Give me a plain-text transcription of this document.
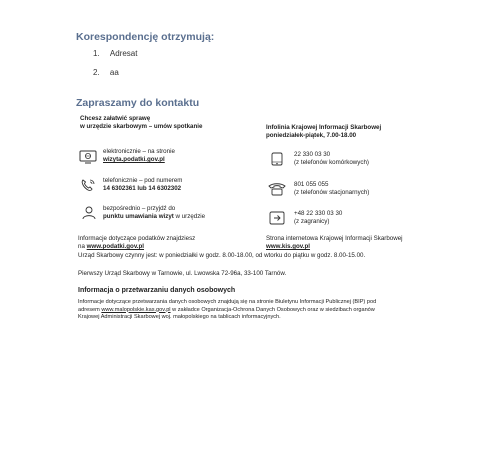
Korespondencję otrzymują:
1. Adresat
2. aa
Zapraszamy do kontaktu
Chcesz załatwić sprawę
w urzędzie skarbowym – umów spotkanie
elektronicznie – na stronie
wizyta.podatki.gov.pl
telefonicznie – pod numerem
14 6302361 lub 14 6302302
bezpośrednio – przyjdź do
punktu umawiania wizyt w urzędzie
Infolinia Krajowej Informacji Skarbowej
poniedziałek-piątek, 7.00-18.00
22 330 03 30
(z telefonów komórkowych)
801 055 055
(z telefonów stacjonarnych)
+48 22 330 03 30
(z zagranicy)
Informacje dotyczące podatków znajdziesz
na www.podatki.gov.pl
Strona internetowa Krajowej Informacji Skarbowej
www.kis.gov.pl
Urząd Skarbowy czynny jest: w poniedziałki w godz. 8.00-18.00, od wtorku do piątku w godz. 8.00-15.00.
Pierwszy Urząd Skarbowy w Tarnowie, ul. Lwowska 72-96a, 33-100 Tarnów.
Informacja o przetwarzaniu danych osobowych
Informacje dotyczące przetwarzania danych osobowych znajdują się na stronie Biuletynu Informacji Publicznej (BIP) pod
adresem www.malopolskie.kas.gov.pl w zakładce Organizacja-Ochrona Danych Osobowych oraz w siedzibach organów
Krajowej Administracji Skarbowej woj. małopolskiego na tablicach informacyjnych.
